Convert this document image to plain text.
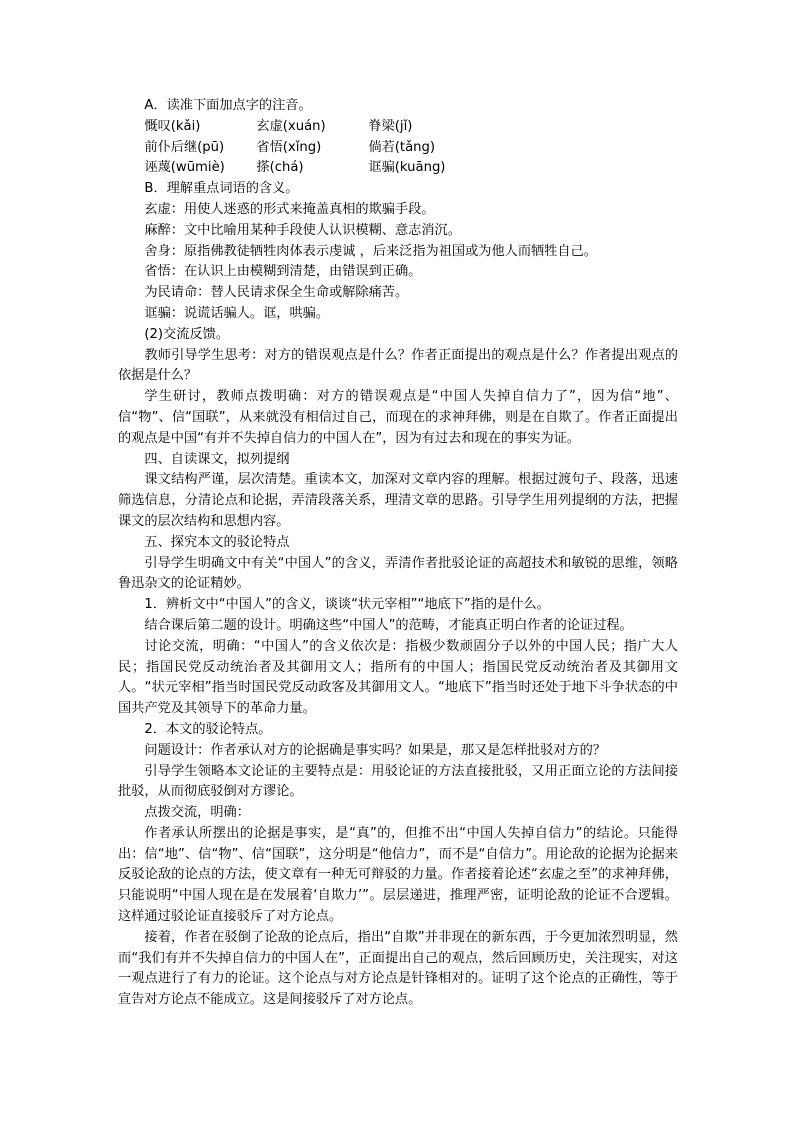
A．读准下面加点字的注音。

慨叹(kǎi)	玄虚(xuán)	脊梁(jǐ)
前仆后继(pū)	省悟(xǐng)	倘若(tǎng)
诬蔑(wūmiè)	搽(chá)	诓骗(kuāng)

B．理解重点词语的含义。

玄虚：用使人迷惑的形式来掩盖真相的欺骗手段。

麻醉：文中比喻用某种手段使人认识模糊、意志消沉。

舍身：原指佛教徒牺牲肉体表示虔诚 ，后来泛指为祖国或为他人而牺牲自己。

省悟：在认识上由模糊到清楚，由错误到正确。

为民请命：替人民请求保全生命或解除痛苦。

诓骗：说谎话骗人。诓，哄骗。

(2)交流反馈。

教师引导学生思考：对方的错误观点是什么？作者正面提出的观点是什么？作者提出观点的依据是什么？

学生研讨，教师点拨明确：对方的错误观点是“中国人失掉自信力了”，因为信“地”、信“物”、信“国联”，从来就没有相信过自己，而现在的求神拜佛，则是在自欺了。作者正面提出的观点是中国“有并不失掉自信力的中国人在”，因为有过去和现在的事实为证。

四、自读课文，拟列提纲

课文结构严谨，层次清楚。重读本文，加深对文章内容的理解。根据过渡句子、段落，迅速筛选信息，分清论点和论据，弄清段落关系，理清文章的思路。引导学生用列提纲的方法，把握课文的层次结构和思想内容。

五、探究本文的驳论特点

引导学生明确文中有关“中国人”的含义，弄清作者批驳论证的高超技术和敏锐的思维，领略鲁迅杂文的论证精妙。

1．辨析文中“中国人”的含义，谈谈“状元宰相”“地底下”指的是什么。

结合课后第二题的设计。明确这些“中国人”的范畴，才能真正明白作者的论证过程。

讨论交流，明确：“中国人”的含义依次是：指极少数顽固分子以外的中国人民；指广大人民；指国民党反动统治者及其御用文人；指所有的中国人；指国民党反动统治者及其御用文人。“状元宰相”指当时国民党反动政客及其御用文人。“地底下”指当时还处于地下斗争状态的中国共产党及其领导下的革命力量。

2．本文的驳论特点。

问题设计：作者承认对方的论据确是事实吗？如果是，那又是怎样批驳对方的？

引导学生领略本文论证的主要特点是：用驳论证的方法直接批驳，又用正面立论的方法间接批驳，从而彻底驳倒对方谬论。

点拨交流，明确：

作者承认所摆出的论据是事实，是“真”的，但推不出“中国人失掉自信力”的结论。只能得出：信“地”、信“物”、信“国联”，这分明是“他信力”，而不是“自信力”。用论敌的论据为论据来反驳论敌的论点的方法，使文章有一种无可辩驳的力量。作者接着论述“玄虚之至”的求神拜佛，只能说明“中国人现在是在发展着‘自欺力’”。层层递进，推理严密，证明论敌的论证不合逻辑。这样通过驳论证直接驳斥了对方论点。

接着，作者在驳倒了论敌的论点后，指出“自欺”并非现在的新东西，于今更加浓烈明显，然而“我们有并不失掉自信力的中国人在”，正面提出自己的观点，然后回顾历史，关注现实，对这一观点进行了有力的论证。这个论点与对方论点是针锋相对的。证明了这个论点的正确性，等于宣告对方论点不能成立。这是间接驳斥了对方论点。
